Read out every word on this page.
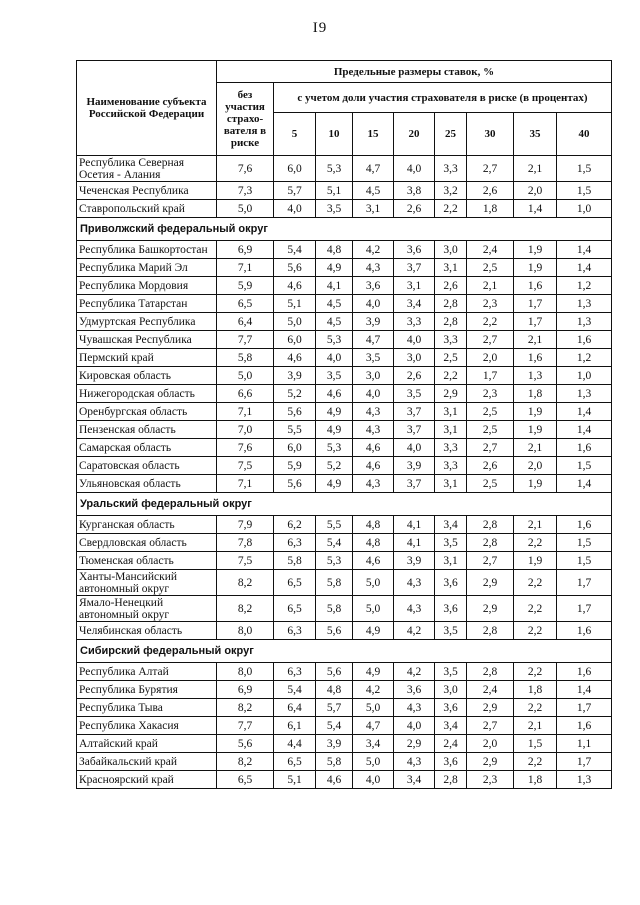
I9
Наименование субъекта Российской Федерации	Предельные размеры ставок, %								
	без участия страхо-вателя в риске	с учетом доли участия страхователя в риске (в процентах)							
		5	10	15	20	25	30	35	40
Республика Северная Осетия - Алания	7,6	6,0	5,3	4,7	4,0	3,3	2,7	2,1	1,5
Чеченская Республика	7,3	5,7	5,1	4,5	3,8	3,2	2,6	2,0	1,5
Ставропольский край	5,0	4,0	3,5	3,1	2,6	2,2	1,8	1,4	1,0
Приволжский федеральный округ									
Республика Башкортостан	6,9	5,4	4,8	4,2	3,6	3,0	2,4	1,9	1,4
Республика Марий Эл	7,1	5,6	4,9	4,3	3,7	3,1	2,5	1,9	1,4
Республика Мордовия	5,9	4,6	4,1	3,6	3,1	2,6	2,1	1,6	1,2
Республика Татарстан	6,5	5,1	4,5	4,0	3,4	2,8	2,3	1,7	1,3
Удмуртская Республика	6,4	5,0	4,5	3,9	3,3	2,8	2,2	1,7	1,3
Чувашская Республика	7,7	6,0	5,3	4,7	4,0	3,3	2,7	2,1	1,6
Пермский край	5,8	4,6	4,0	3,5	3,0	2,5	2,0	1,6	1,2
Кировская область	5,0	3,9	3,5	3,0	2,6	2,2	1,7	1,3	1,0
Нижегородская область	6,6	5,2	4,6	4,0	3,5	2,9	2,3	1,8	1,3
Оренбургская область	7,1	5,6	4,9	4,3	3,7	3,1	2,5	1,9	1,4
Пензенская область	7,0	5,5	4,9	4,3	3,7	3,1	2,5	1,9	1,4
Самарская область	7,6	6,0	5,3	4,6	4,0	3,3	2,7	2,1	1,6
Саратовская область	7,5	5,9	5,2	4,6	3,9	3,3	2,6	2,0	1,5
Ульяновская область	7,1	5,6	4,9	4,3	3,7	3,1	2,5	1,9	1,4
Уральский федеральный округ									
Курганская область	7,9	6,2	5,5	4,8	4,1	3,4	2,8	2,1	1,6
Свердловская область	7,8	6,3	5,4	4,8	4,1	3,5	2,8	2,2	1,5
Тюменская область	7,5	5,8	5,3	4,6	3,9	3,1	2,7	1,9	1,5
Ханты-Мансийский автономный округ	8,2	6,5	5,8	5,0	4,3	3,6	2,9	2,2	1,7
Ямало-Ненецкий автономный округ	8,2	6,5	5,8	5,0	4,3	3,6	2,9	2,2	1,7
Челябинская область	8,0	6,3	5,6	4,9	4,2	3,5	2,8	2,2	1,6
Сибирский федеральный округ									
Республика Алтай	8,0	6,3	5,6	4,9	4,2	3,5	2,8	2,2	1,6
Республика Бурятия	6,9	5,4	4,8	4,2	3,6	3,0	2,4	1,8	1,4
Республика Тыва	8,2	6,4	5,7	5,0	4,3	3,6	2,9	2,2	1,7
Республика Хакасия	7,7	6,1	5,4	4,7	4,0	3,4	2,7	2,1	1,6
Алтайский край	5,6	4,4	3,9	3,4	2,9	2,4	2,0	1,5	1,1
Забайкальский край	8,2	6,5	5,8	5,0	4,3	3,6	2,9	2,2	1,7
Красноярский край	6,5	5,1	4,6	4,0	3,4	2,8	2,3	1,8	1,3
